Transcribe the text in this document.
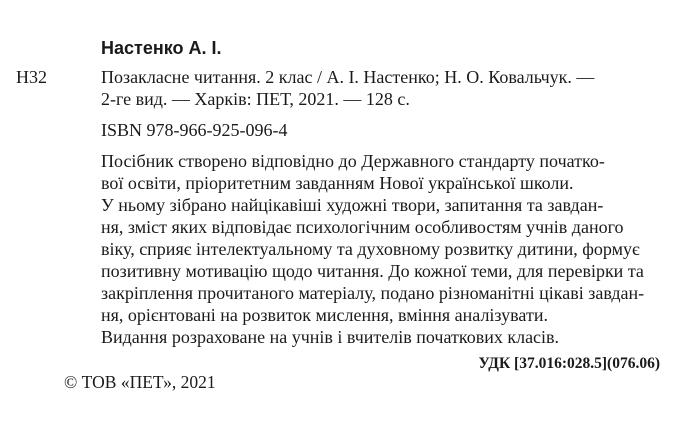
Настенко А. І.
Н32	Позакласне читання. 2 клас / А. І. Настенко; Н. О. Ковальчук. —
2-ге вид. — Харків: ПЕТ, 2021. — 128 с.
ISBN 978-966-925-096-4
Посібник створено відповідно до Державного стандарту початко-
вої освіти, пріоритетним завданням Нової української школи.
У ньому зібрано найцікавіші художні твори, запитання та завдан-
ня, зміст яких відповідає психологічним особливостям учнів даного
віку, сприяє інтелектуальному та духовному розвитку дитини, формує
позитивну мотивацію щодо читання. До кожної теми, для перевірки та
закріплення прочитаного матеріалу, подано різноманітні цікаві завдан-
ня, орієнтовані на розвиток мислення, вміння аналізувати.
Видання розраховане на учнів і вчителів початкових класів.
УДК [37.016:028.5](076.06)
© ТОВ «ПЕТ», 2021
